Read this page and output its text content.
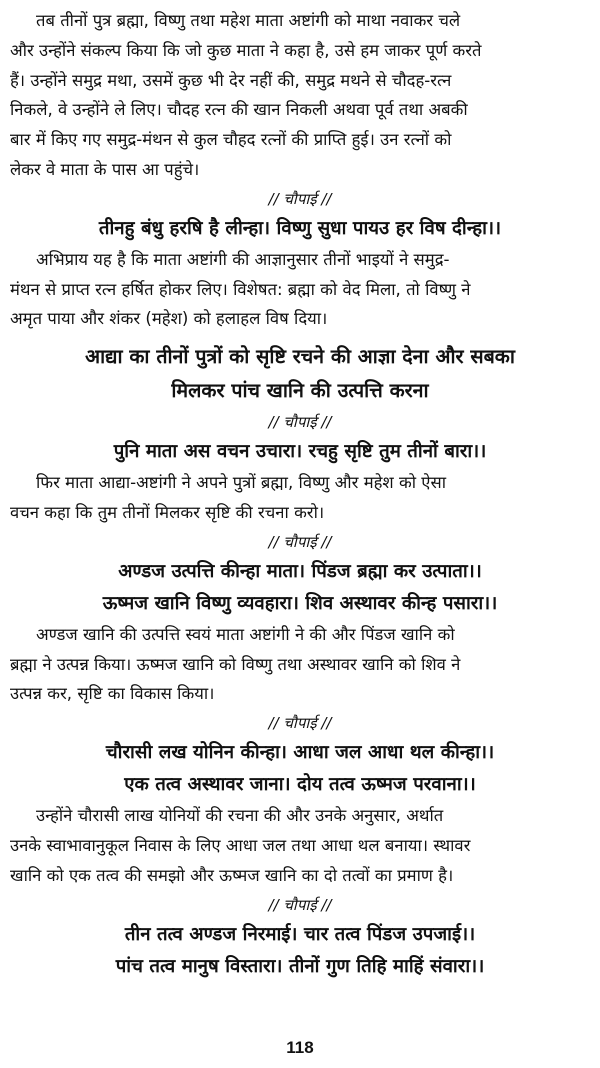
तब तीनों पुत्र ब्रह्मा, विष्णु तथा महेश माता अष्टांगी को माथा नवाकर चले
और उन्होंने संकल्प किया कि जो कुछ माता ने कहा है, उसे हम जाकर पूर्ण करते
हैं। उन्होंने समुद्र मथा, उसमें कुछ भी देर नहीं की, समुद्र मथने से चौदह-रत्न
निकले, वे उन्होंने ले लिए। चौदह रत्न की खान निकली अथवा पूर्व तथा अबकी
बार में किए गए समुद्र-मंथन से कुल चौहद रत्नों की प्राप्ति हुई। उन रत्नों को
लेकर वे माता के पास आ पहुंचे।

// चौपाई //

तीनहु बंधु हरषि है लीन्हा। विष्णु सुधा पायउ हर विष दीन्हा।।

अभिप्राय यह है कि माता अष्टांगी की आज्ञानुसार तीनों भाइयों ने समुद्र-
मंथन से प्राप्त रत्न हर्षित होकर लिए। विशेषत: ब्रह्मा को वेद मिला, तो विष्णु ने
अमृत पाया और शंकर (महेश) को हलाहल विष दिया।

आद्या का तीनों पुत्रों को सृष्टि रचने की आज्ञा देना और सबका

मिलकर पांच खानि की उत्पत्ति करना

// चौपाई //

पुनि माता अस वचन उचारा। रचहु सृष्टि तुम तीनों बारा।।

फिर माता आद्या-अष्टांगी ने अपने पुत्रों ब्रह्मा, विष्णु और महेश को ऐसा
वचन कहा कि तुम तीनों मिलकर सृष्टि की रचना करो।

// चौपाई //

अण्डज उत्पत्ति कीन्हा माता। पिंडज ब्रह्मा कर उत्पाता।।

ऊष्मज खानि विष्णु व्यवहारा। शिव अस्थावर कीन्ह पसारा।।

अण्डज खानि की उत्पत्ति स्वयं माता अष्टांगी ने की और पिंडज खानि को
ब्रह्मा ने उत्पन्न किया। ऊष्मज खानि को विष्णु तथा अस्थावर खानि को शिव ने
उत्पन्न कर, सृष्टि का विकास किया।

// चौपाई //

चौरासी लख योनिन कीन्हा। आधा जल आधा थल कीन्हा।।

एक तत्व अस्थावर जाना। दोय तत्व ऊष्मज परवाना।।

उन्होंने चौरासी लाख योनियों की रचना की और उनके अनुसार, अर्थात
उनके स्वाभावानुकूल निवास के लिए आधा जल तथा आधा थल बनाया। स्थावर
खानि को एक तत्व की समझो और ऊष्मज खानि का दो तत्वों का प्रमाण है।

// चौपाई //

तीन तत्व अण्डज निरमाई। चार तत्व पिंडज उपजाई।।

पांच तत्व मानुष विस्तारा। तीनों गुण तिहि माहिं संवारा।।

118
